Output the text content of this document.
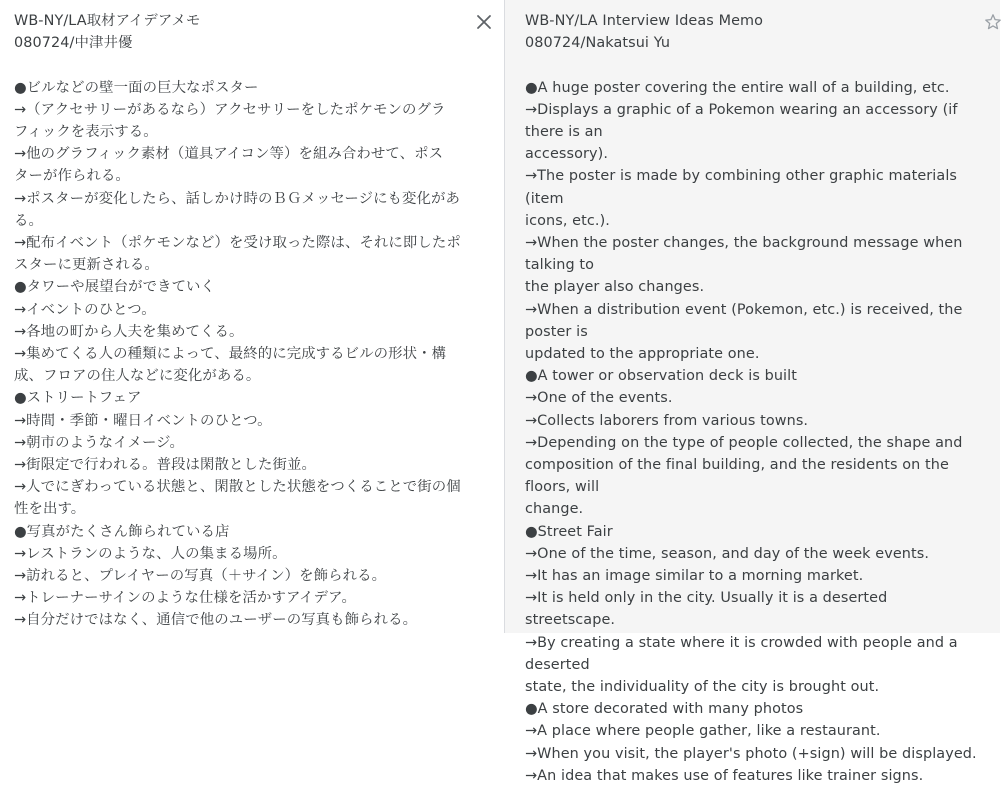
WB-NY/LA取材アイデアメモ
080724/中津井優
●ビルなどの壁一面の巨大なポスター
→（アクセサリーがあるなら）アクセサリーをしたポケモンのグラ
フィックを表示する。
→他のグラフィック素材（道具アイコン等）を組み合わせて、ポス
ターが作られる。
→ポスターが変化したら、話しかけ時のＢＧメッセージにも変化があ
る。
→配布イベント（ポケモンなど）を受け取った際は、それに即したポ
スターに更新される。
●タワーや展望台ができていく
→イベントのひとつ。
→各地の町から人夫を集めてくる。
→集めてくる人の種類によって、最終的に完成するビルの形状・構
成、フロアの住人などに変化がある。
●ストリートフェア
→時間・季節・曜日イベントのひとつ。
→朝市のようなイメージ。
→街限定で行われる。普段は閑散とした街並。
→人でにぎわっている状態と、閑散とした状態をつくることで街の個
性を出す。
●写真がたくさん飾られている店
→レストランのような、人の集まる場所。
→訪れると、プレイヤーの写真（＋サイン）を飾られる。
→トレーナーサインのような仕様を活かすアイデア。
→自分だけではなく、通信で他のユーザーの写真も飾られる。
WB-NY/LA Interview Ideas Memo
080724/Nakatsui Yu
●A huge poster covering the entire wall of a building, etc.
→Displays a graphic of a Pokemon wearing an accessory (if there is an
accessory).
→The poster is made by combining other graphic materials (item
icons, etc.).
→When the poster changes, the background message when talking to
the player also changes.
→When a distribution event (Pokemon, etc.) is received, the poster is
updated to the appropriate one.
●A tower or observation deck is built
→One of the events.
→Collects laborers from various towns.
→Depending on the type of people collected, the shape and
composition of the final building, and the residents on the floors, will
change.
●Street Fair
→One of the time, season, and day of the week events.
→It has an image similar to a morning market.
→It is held only in the city. Usually it is a deserted streetscape.
→By creating a state where it is crowded with people and a deserted
state, the individuality of the city is brought out.
●A store decorated with many photos
→A place where people gather, like a restaurant.
→When you visit, the player's photo (+sign) will be displayed.
→An idea that makes use of features like trainer signs.
